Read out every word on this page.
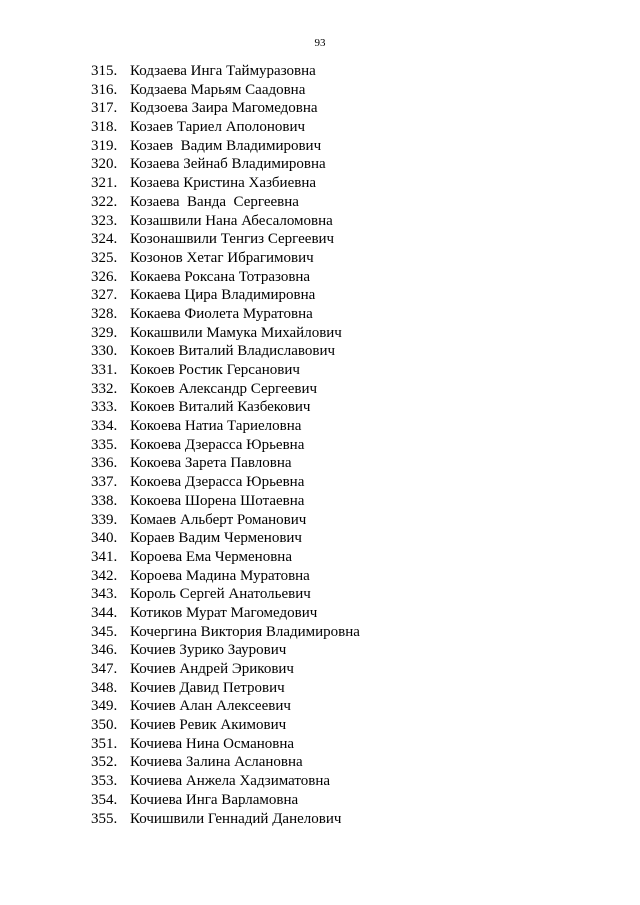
93
315. Кодзаева Инга Таймуразовна
316. Кодзаева Марьям Саадовна
317. Кодзоева Заира Магомедовна
318. Козаев Тариел Аполонович
319. Козаев  Вадим Владимирович
320. Козаева Зейнаб Владимировна
321. Козаева Кристина Хазбиевна
322. Козаева  Ванда  Сергеевна
323. Козашвили Нана Абесаломовна
324. Козонашвили Тенгиз Сергеевич
325. Козонов Хетаг Ибрагимович
326. Кокаева Роксана Тотразовна
327. Кокаева Цира Владимировна
328. Кокаева Фиолета Муратовна
329. Кокашвили Мамука Михайлович
330. Кокоев Виталий Владиславович
331. Кокоев Ростик Герсанович
332. Кокоев Александр Сергеевич
333. Кокоев Виталий Казбекович
334. Кокоева Натиа Тариеловна
335. Кокоева Дзерасса Юрьевна
336. Кокоева Зарета Павловна
337. Кокоева Дзерасса Юрьевна
338. Кокоева Шорена Шотаевна
339. Комаев Альберт Романович
340. Кораев Вадим Черменович
341. Короева Ема Черменовна
342. Короева Мадина Муратовна
343. Король Сергей Анатольевич
344. Котиков Мурат Магомедович
345. Кочергина Виктория Владимировна
346. Кочиев Зурико Заурович
347. Кочиев Андрей Эрикович
348. Кочиев Давид Петрович
349. Кочиев Алан Алексеевич
350. Кочиев Ревик Акимович
351. Кочиева Нина Османовна
352. Кочиева Залина Аслановна
353. Кочиева Анжела Хадзиматовна
354. Кочиева Инга Варламовна
355. Кочишвили Геннадий Данелович
